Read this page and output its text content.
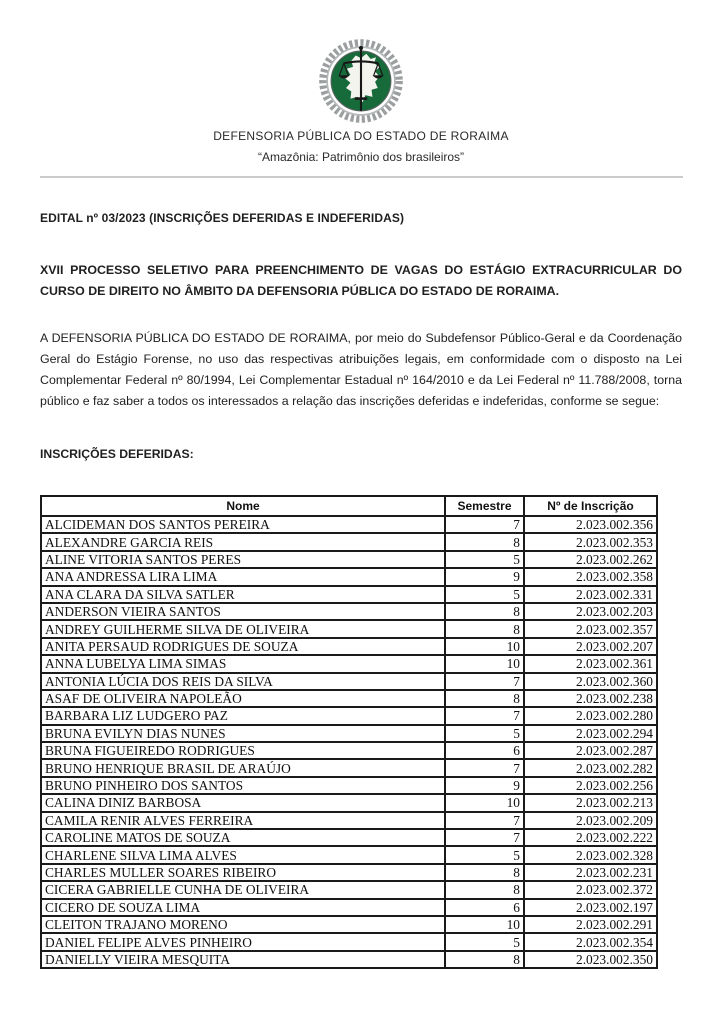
DEFENSORIA PÚBLICA DO ESTADO DE RORAIMA
“Amazônia: Patrimônio dos brasileiros”
EDITAL nº 03/2023 (INSCRIÇÕES DEFERIDAS E INDEFERIDAS)
XVII PROCESSO SELETIVO PARA PREENCHIMENTO DE VAGAS DO ESTÁGIO EXTRACURRICULAR DO CURSO DE DIREITO NO ÂMBITO DA DEFENSORIA PÚBLICA DO ESTADO DE RORAIMA.
A DEFENSORIA PÚBLICA DO ESTADO DE RORAIMA, por meio do Subdefensor Público-Geral e da Coordenação Geral do Estágio Forense, no uso das respectivas atribuições legais, em conformidade com o disposto na Lei Complementar Federal nº 80/1994, Lei Complementar Estadual nº 164/2010 e da Lei Federal nº 11.788/2008, torna público e faz saber a todos os interessados a relação das inscrições deferidas e indeferidas, conforme se segue:
INSCRIÇÕES DEFERIDAS:
Nome	Semestre	Nº de Inscrição
ALCIDEMAN DOS SANTOS PEREIRA	7	2.023.002.356
ALEXANDRE GARCIA REIS	8	2.023.002.353
ALINE VITORIA SANTOS PERES	5	2.023.002.262
ANA ANDRESSA LIRA LIMA	9	2.023.002.358
ANA CLARA DA SILVA SATLER	5	2.023.002.331
ANDERSON VIEIRA SANTOS	8	2.023.002.203
ANDREY GUILHERME SILVA DE OLIVEIRA	8	2.023.002.357
ANITA PERSAUD RODRIGUES DE SOUZA	10	2.023.002.207
ANNA LUBELYA LIMA SIMAS	10	2.023.002.361
ANTONIA LÚCIA DOS REIS DA SILVA	7	2.023.002.360
ASAF DE OLIVEIRA NAPOLEÃO	8	2.023.002.238
BARBARA LIZ LUDGERO PAZ	7	2.023.002.280
BRUNA EVILYN DIAS NUNES	5	2.023.002.294
BRUNA FIGUEIREDO RODRIGUES	6	2.023.002.287
BRUNO HENRIQUE BRASIL DE ARAÚJO	7	2.023.002.282
BRUNO PINHEIRO DOS SANTOS	9	2.023.002.256
CALINA DINIZ BARBOSA	10	2.023.002.213
CAMILA RENIR ALVES FERREIRA	7	2.023.002.209
CAROLINE MATOS DE SOUZA	7	2.023.002.222
CHARLENE SILVA LIMA ALVES	5	2.023.002.328
CHARLES MULLER SOARES RIBEIRO	8	2.023.002.231
CICERA GABRIELLE CUNHA DE OLIVEIRA	8	2.023.002.372
CICERO DE SOUZA LIMA	6	2.023.002.197
CLEITON TRAJANO MORENO	10	2.023.002.291
DANIEL FELIPE ALVES PINHEIRO	5	2.023.002.354
DANIELLY VIEIRA MESQUITA	8	2.023.002.350
